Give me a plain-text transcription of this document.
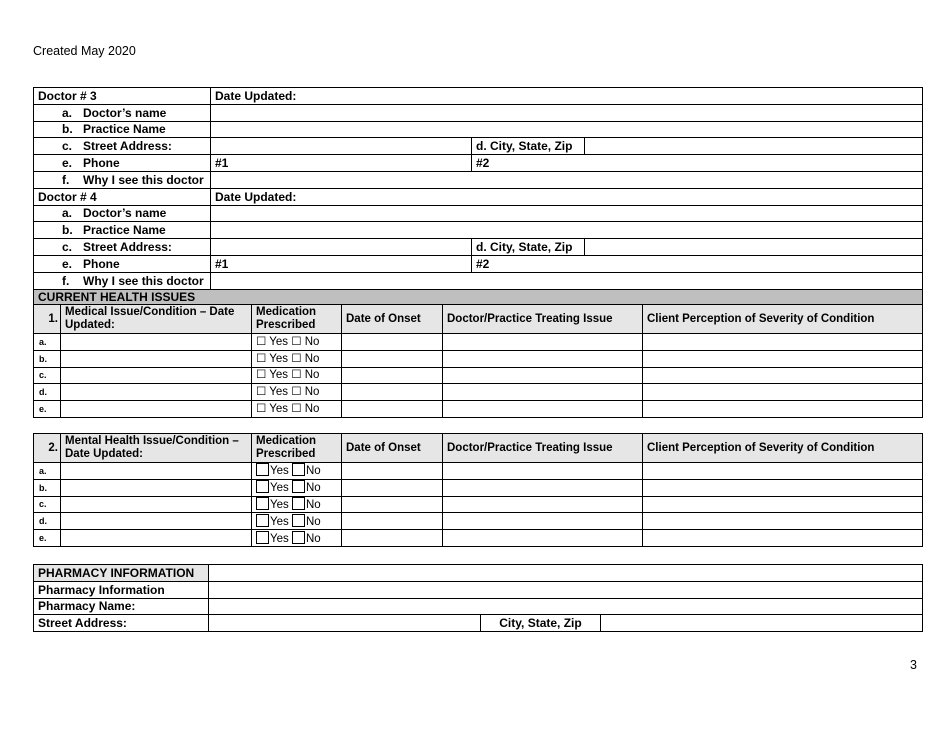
Created May 2020
Doctor # 3	Date Updated:		
a. Doctor’s name			
b. Practice Name			
c. Street Address:		d. City, State, Zip	
e. Phone	#1	#2	
f. Why I see this doctor			
Doctor # 4	Date Updated:		
a. Doctor’s name			
b. Practice Name			
c. Street Address:		d. City, State, Zip	
e. Phone	#1	#2	
f. Why I see this doctor			
CURRENT HEALTH ISSUES			
1.	Medical Issue/Condition – Date Updated:	Medication Prescribed	Date of Onset	Doctor/Practice Treating Issue	Client Perception of Severity of Condition
a.		☐ Yes ☐ No			
b.		☐ Yes ☐ No			
c.		☐ Yes ☐ No			
d.		☐ Yes ☐ No			
e.		☐ Yes ☐ No			
2.	Mental Health Issue/Condition – Date Updated:	Medication Prescribed	Date of Onset	Doctor/Practice Treating Issue	Client Perception of Severity of Condition
a.		Yes No			
b.		Yes No			
c.		Yes No			
d.		Yes No			
e.		Yes No			
PHARMACY INFORMATION			
Pharmacy Information			
Pharmacy Name:			
Street Address:		City, State, Zip	
3
